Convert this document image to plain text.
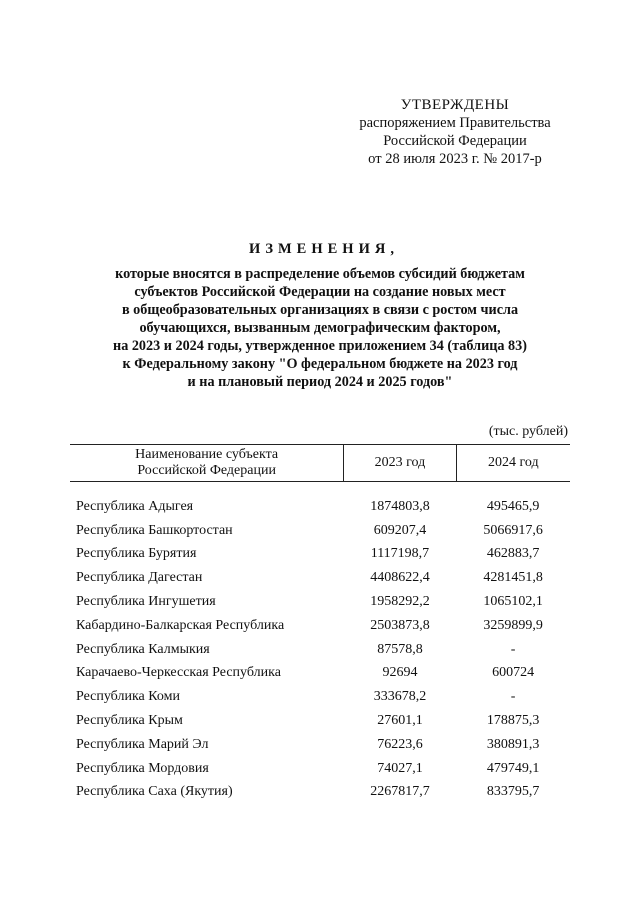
УТВЕРЖДЕНЫ
распоряжением Правительства
Российской Федерации
от 28 июля 2023 г. № 2017-р
ИЗМЕНЕНИЯ,
которые вносятся в распределение объемов субсидий бюджетам
субъектов Российской Федерации на создание новых мест
в общеобразовательных организациях в связи с ростом числа
обучающихся, вызванным демографическим фактором,
на 2023 и 2024 годы, утвержденное приложением 34 (таблица 83)
к Федеральному закону "О федеральном бюджете на 2023 год
и на плановый период 2024 и 2025 годов"
(тыс. рублей)
Наименование субъекта
Российской Федерации	2023 год	2024 год

Республика Адыгея	1874803,8	495465,9
Республика Башкортостан	609207,4	5066917,6
Республика Бурятия	1117198,7	462883,7
Республика Дагестан	4408622,4	4281451,8
Республика Ингушетия	1958292,2	1065102,1
Кабардино-Балкарская Республика	2503873,8	3259899,9
Республика Калмыкия	87578,8	-
Карачаево-Черкесская Республика	92694	600724
Республика Коми	333678,2	-
Республика Крым	27601,1	178875,3
Республика Марий Эл	76223,6	380891,3
Республика Мордовия	74027,1	479749,1
Республика Саха (Якутия)	2267817,7	833795,7
